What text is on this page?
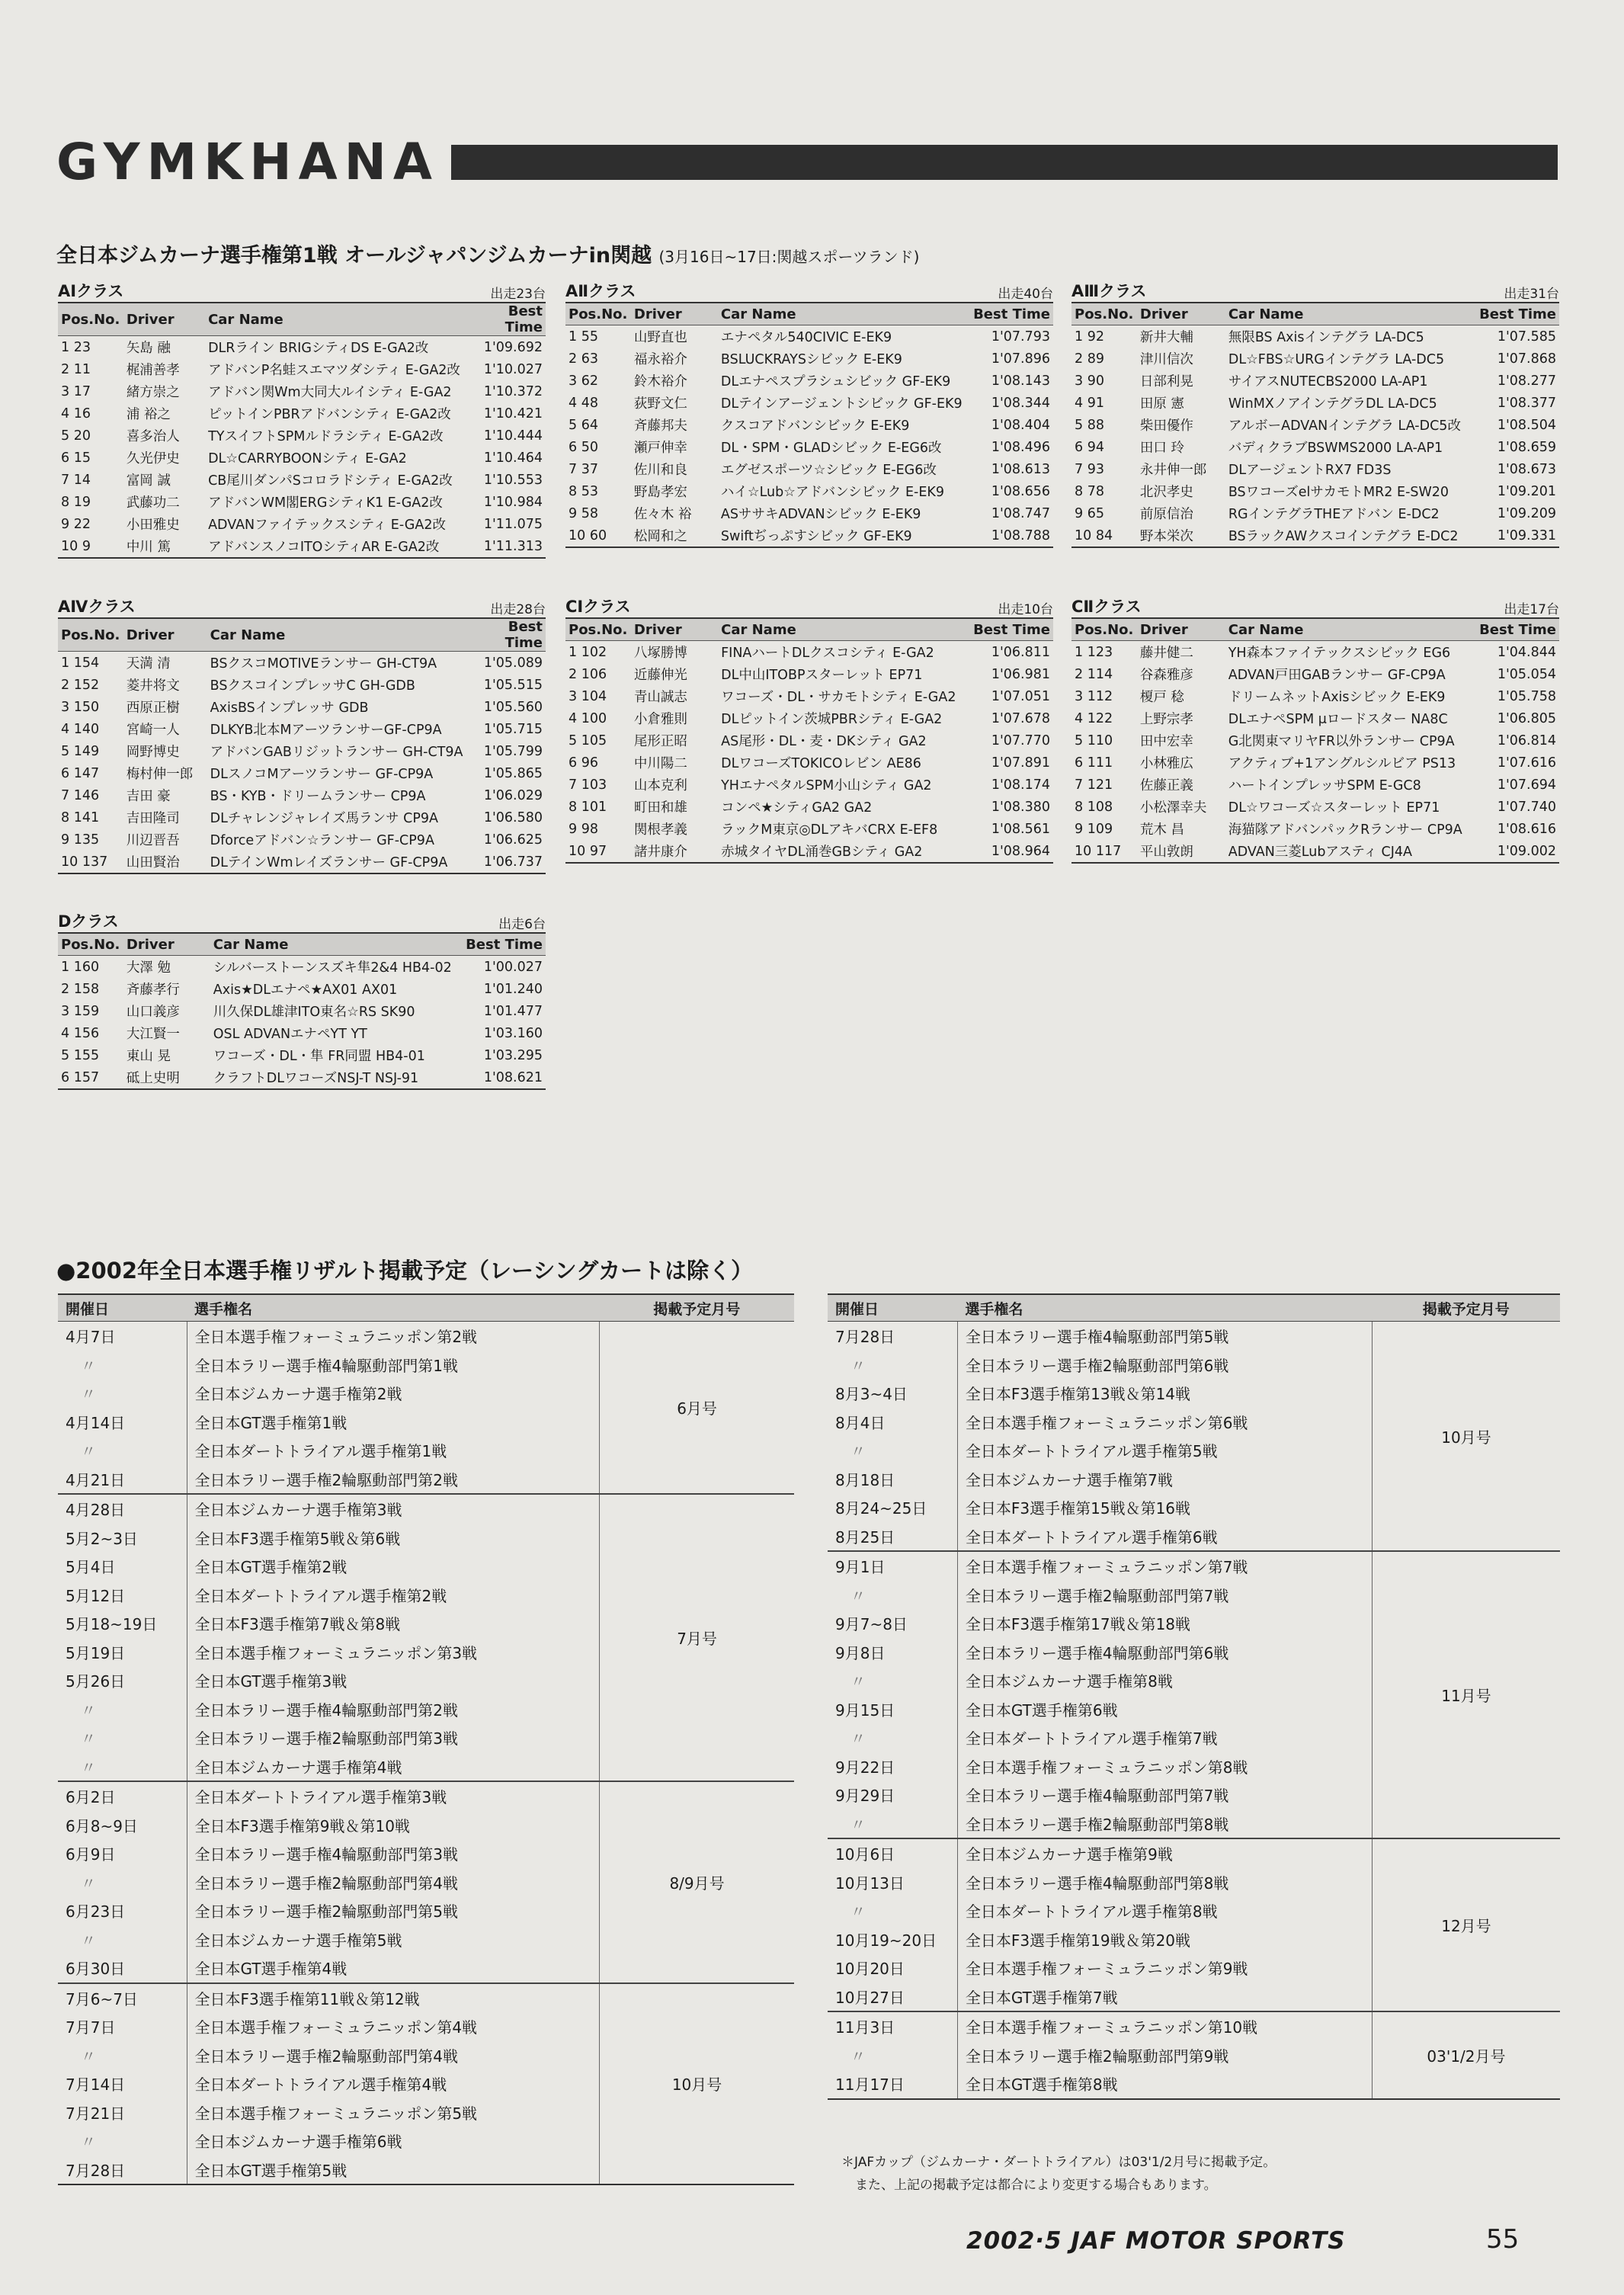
GYMKHANA
全日本ジムカーナ選手権第1戦 オールジャパンジムカーナin関越 (3月16日~17日:関越スポーツランド)
AⅠクラス	出走23台
Pos.No.	Driver	Car Name	Best Time
1 23	矢島 融	DLRライン BRIGシティDS E-GA2改	1'09.692
2 11	梶浦善孝	アドバンP名蛙スエマツダシティ E-GA2改	1'10.027
3 17	緒方崇之	アドバン関Wm大同大ルイシティ E-GA2	1'10.372
4 16	浦 裕之	ピットインPBRアドバンシティ E-GA2改	1'10.421
5 20	喜多治人	TYスイフトSPMルドラシティ E-GA2改	1'10.444
6 15	久光伊史	DL☆CARRYBOONシティ E-GA2	1'10.464
7 14	富岡 誠	CB尾川ダンパSコロラドシティ E-GA2改	1'10.553
8 19	武藤功二	アドバンWM閣ERGシティK1 E-GA2改	1'10.984
9 22	小田雅史	ADVANファイテックスシティ E-GA2改	1'11.075
10 9	中川 篤	アドバンスノコITOシティAR E-GA2改	1'11.313
AⅡクラス	出走40台
Pos.No.	Driver	Car Name	Best Time
1 55	山野直也	エナペタル540CIVIC E-EK9	1'07.793
2 63	福永裕介	BSLUCKRAYSシビック E-EK9	1'07.896
3 62	鈴木裕介	DLエナペスプラシュシビック GF-EK9	1'08.143
4 48	荻野文仁	DLテインアージェントシビック GF-EK9	1'08.344
5 64	斉藤邦夫	クスコアドバンシビック E-EK9	1'08.404
6 50	瀬戸伸幸	DL・SPM・GLADシビック E-EG6改	1'08.496
7 37	佐川和良	エグゼスポーツ☆シビック E-EG6改	1'08.613
8 53	野島孝宏	ハイ☆Lub☆アドバンシビック E-EK9	1'08.656
9 58	佐々木 裕	ASササキADVANシビック E-EK9	1'08.747
10 60	松岡和之	Swiftぢっぷすシビック GF-EK9	1'08.788
AⅢクラス	出走31台
Pos.No.	Driver	Car Name	Best Time
1 92	新井大輔	無限BS Axisインテグラ LA-DC5	1'07.585
2 89	津川信次	DL☆FBS☆URGインテグラ LA-DC5	1'07.868
3 90	日部利晃	サイアスNUTECBS2000 LA-AP1	1'08.277
4 91	田原 憲	WinMXノアインテグラDL LA-DC5	1'08.377
5 88	柴田優作	アルボーADVANインテグラ LA-DC5改	1'08.504
6 94	田口 玲	バディクラブBSWMS2000 LA-AP1	1'08.659
7 93	永井伸一郎	DLアージェントRX7 FD3S	1'08.673
8 78	北沢孝史	BSワコーズelサカモトMR2 E-SW20	1'09.201
9 65	前原信治	RGインテグラTHEアドバン E-DC2	1'09.209
10 84	野本栄次	BSラックAWクスコインテグラ E-DC2	1'09.331
AⅣクラス	出走28台
Pos.No.	Driver	Car Name	Best Time
1 154	天満 清	BSクスコMOTIVEランサー GH-CT9A	1'05.089
2 152	菱井将文	BSクスコインプレッサC GH-GDB	1'05.515
3 150	西原正樹	AxisBSインプレッサ GDB	1'05.560
4 140	宮崎一人	DLKYB北本MアーツランサーGF-CP9A	1'05.715
5 149	岡野博史	アドバンGABリジットランサー GH-CT9A	1'05.799
6 147	梅村伸一郎	DLスノコMアーツランサー GF-CP9A	1'05.865
7 146	吉田 豪	BS・KYB・ドリームランサー CP9A	1'06.029
8 141	吉田隆司	DLチャレンジャレイズ馬ランサ CP9A	1'06.580
9 135	川辺晋吾	Dforceアドバン☆ランサー GF-CP9A	1'06.625
10 137	山田賢治	DLテインWmレイズランサー GF-CP9A	1'06.737
CⅠクラス	出走10台
Pos.No.	Driver	Car Name	Best Time
1 102	八塚勝博	FINAハートDLクスコシティ E-GA2	1'06.811
2 106	近藤伸光	DL中山ITOBPスターレット EP71	1'06.981
3 104	青山誠志	ワコーズ・DL・サカモトシティ E-GA2	1'07.051
4 100	小倉雅則	DLピットイン茨城PBRシティ E-GA2	1'07.678
5 105	尾形正昭	AS尾形・DL・麦・DKシティ GA2	1'07.770
6 96	中川陽二	DLワコーズTOKICOレビン AE86	1'07.891
7 103	山本克利	YHエナペタルSPM小山シティ GA2	1'08.174
8 101	町田和雄	コンペ★シティGA2 GA2	1'08.380
9 98	関根孝義	ラックM東京◎DLアキバCRX E-EF8	1'08.561
10 97	諸井康介	赤城タイヤDL涌巻GBシティ GA2	1'08.964
CⅡクラス	出走17台
Pos.No.	Driver	Car Name	Best Time
1 123	藤井健二	YH森本ファイテックスシビック EG6	1'04.844
2 114	谷森雅彦	ADVAN戸田GABランサー GF-CP9A	1'05.054
3 112	榎戸 稔	ドリームネットAxisシビック E-EK9	1'05.758
4 122	上野宗孝	DLエナペSPM μロードスター NA8C	1'06.805
5 110	田中宏幸	G北関東マリヤFR以外ランサー CP9A	1'06.814
6 111	小林雅広	アクティブ+1アングルシルビア PS13	1'07.616
7 121	佐藤正義	ハートインプレッサSPM E-GC8	1'07.694
8 108	小松澤幸夫	DL☆ワコーズ☆スターレット EP71	1'07.740
9 109	荒木 昌	海猫隊アドバンパックRランサー CP9A	1'08.616
10 117	平山敦朗	ADVAN三菱Lubアスティ CJ4A	1'09.002
Dクラス	出走6台
Pos.No.	Driver	Car Name	Best Time
1 160	大澤 勉	シルバーストーンスズキ隼2&4 HB4-02	1'00.027
2 158	斉藤孝行	Axis★DLエナペ★AX01 AX01	1'01.240
3 159	山口義彦	川久保DL雄津ITO東名☆RS SK90	1'01.477
4 156	大江賢一	OSL ADVANエナペYT YT	1'03.160
5 155	東山 晃	ワコーズ・DL・隼 FR同盟 HB4-01	1'03.295
6 157	砥上史明	クラフトDLワコーズNSJ-T NSJ-91	1'08.621
●2002年全日本選手権リザルト掲載予定（レーシングカートは除く）
開催日	選手権名	掲載予定月号
4月7日	全日本選手権フォーミュラニッポン第2戦	6月号
〃	全日本ラリー選手権4輪駆動部門第1戦	
〃	全日本ジムカーナ選手権第2戦	
4月14日	全日本GT選手権第1戦	
〃	全日本ダートトライアル選手権第1戦	
4月21日	全日本ラリー選手権2輪駆動部門第2戦	
4月28日	全日本ジムカーナ選手権第3戦	7月号
5月2~3日	全日本F3選手権第5戦＆第6戦	
5月4日	全日本GT選手権第2戦	
5月12日	全日本ダートトライアル選手権第2戦	
5月18~19日	全日本F3選手権第7戦＆第8戦	
5月19日	全日本選手権フォーミュラニッポン第3戦	
5月26日	全日本GT選手権第3戦	
〃	全日本ラリー選手権4輪駆動部門第2戦	
〃	全日本ラリー選手権2輪駆動部門第3戦	
〃	全日本ジムカーナ選手権第4戦	
6月2日	全日本ダートトライアル選手権第3戦	8/9月号
6月8~9日	全日本F3選手権第9戦＆第10戦	
6月9日	全日本ラリー選手権4輪駆動部門第3戦	
〃	全日本ラリー選手権2輪駆動部門第4戦	
6月23日	全日本ラリー選手権2輪駆動部門第5戦	
〃	全日本ジムカーナ選手権第5戦	
6月30日	全日本GT選手権第4戦	
7月6~7日	全日本F3選手権第11戦＆第12戦	10月号
7月7日	全日本選手権フォーミュラニッポン第4戦	
〃	全日本ラリー選手権2輪駆動部門第4戦	
7月14日	全日本ダートトライアル選手権第4戦	
7月21日	全日本選手権フォーミュラニッポン第5戦	
〃	全日本ジムカーナ選手権第6戦	
7月28日	全日本GT選手権第5戦	
開催日	選手権名	掲載予定月号
7月28日	全日本ラリー選手権4輪駆動部門第5戦	10月号
〃	全日本ラリー選手権2輪駆動部門第6戦	
8月3~4日	全日本F3選手権第13戦＆第14戦	
8月4日	全日本選手権フォーミュラニッポン第6戦	
〃	全日本ダートトライアル選手権第5戦	
8月18日	全日本ジムカーナ選手権第7戦	
8月24~25日	全日本F3選手権第15戦＆第16戦	
8月25日	全日本ダートトライアル選手権第6戦	
9月1日	全日本選手権フォーミュラニッポン第7戦	11月号
〃	全日本ラリー選手権2輪駆動部門第7戦	
9月7~8日	全日本F3選手権第17戦＆第18戦	
9月8日	全日本ラリー選手権4輪駆動部門第6戦	
〃	全日本ジムカーナ選手権第8戦	
9月15日	全日本GT選手権第6戦	
〃	全日本ダートトライアル選手権第7戦	
9月22日	全日本選手権フォーミュラニッポン第8戦	
9月29日	全日本ラリー選手権4輪駆動部門第7戦	
〃	全日本ラリー選手権2輪駆動部門第8戦	
10月6日	全日本ジムカーナ選手権第9戦	12月号
10月13日	全日本ラリー選手権4輪駆動部門第8戦	
〃	全日本ダートトライアル選手権第8戦	
10月19~20日	全日本F3選手権第19戦＆第20戦	
10月20日	全日本選手権フォーミュラニッポン第9戦	
10月27日	全日本GT選手権第7戦	
11月3日	全日本選手権フォーミュラニッポン第10戦	03'1/2月号
〃	全日本ラリー選手権2輪駆動部門第9戦	
11月17日	全日本GT選手権第8戦	
＊JAFカップ（ジムカーナ・ダートトライアル）は03'1/2月号に掲載予定。
また、上記の掲載予定は都合により変更する場合もあります。
2002·5 JAF MOTOR SPORTS	55
